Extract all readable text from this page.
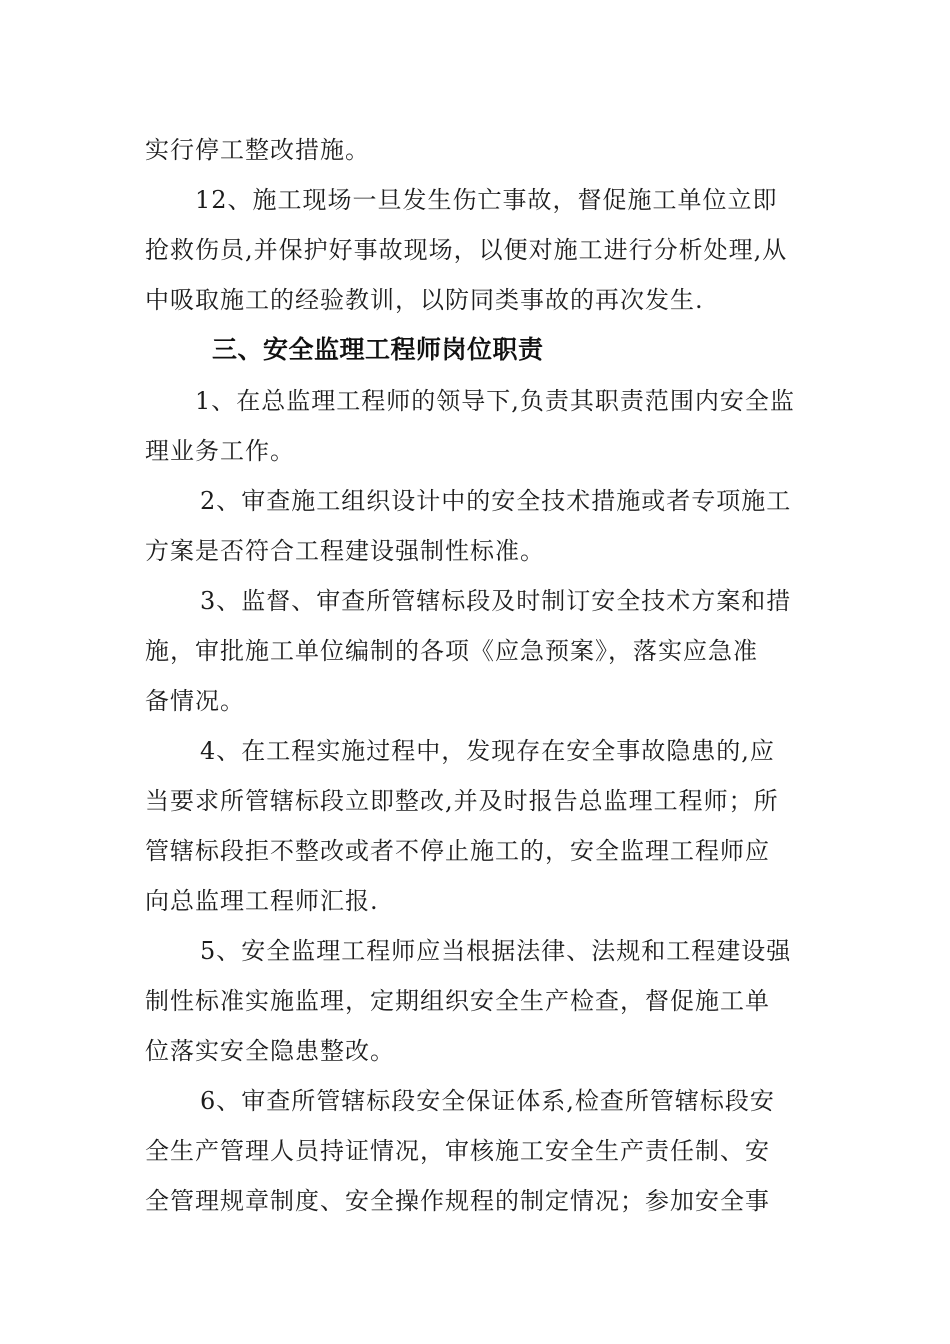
实行停工整改措施。
12、施工现场一旦发生伤亡事故，督促施工单位立即
抢救伤员,并保护好事故现场，以便对施工进行分析处理,从
中吸取施工的经验教训，以防同类事故的再次发生.
三、安全监理工程师岗位职责
1、在总监理工程师的领导下,负责其职责范围内安全监
理业务工作。
2、审查施工组织设计中的安全技术措施或者专项施工
方案是否符合工程建设强制性标准。
3、监督、审查所管辖标段及时制订安全技术方案和措
施，审批施工单位编制的各项《应急预案》，落实应急准
备情况。
4、在工程实施过程中，发现存在安全事故隐患的,应
当要求所管辖标段立即整改,并及时报告总监理工程师；所
管辖标段拒不整改或者不停止施工的，安全监理工程师应
向总监理工程师汇报.
5、安全监理工程师应当根据法律、法规和工程建设强
制性标准实施监理，定期组织安全生产检查，督促施工单
位落实安全隐患整改。
6、审查所管辖标段安全保证体系,检查所管辖标段安
全生产管理人员持证情况，审核施工安全生产责任制、安
全管理规章制度、安全操作规程的制定情况；参加安全事
